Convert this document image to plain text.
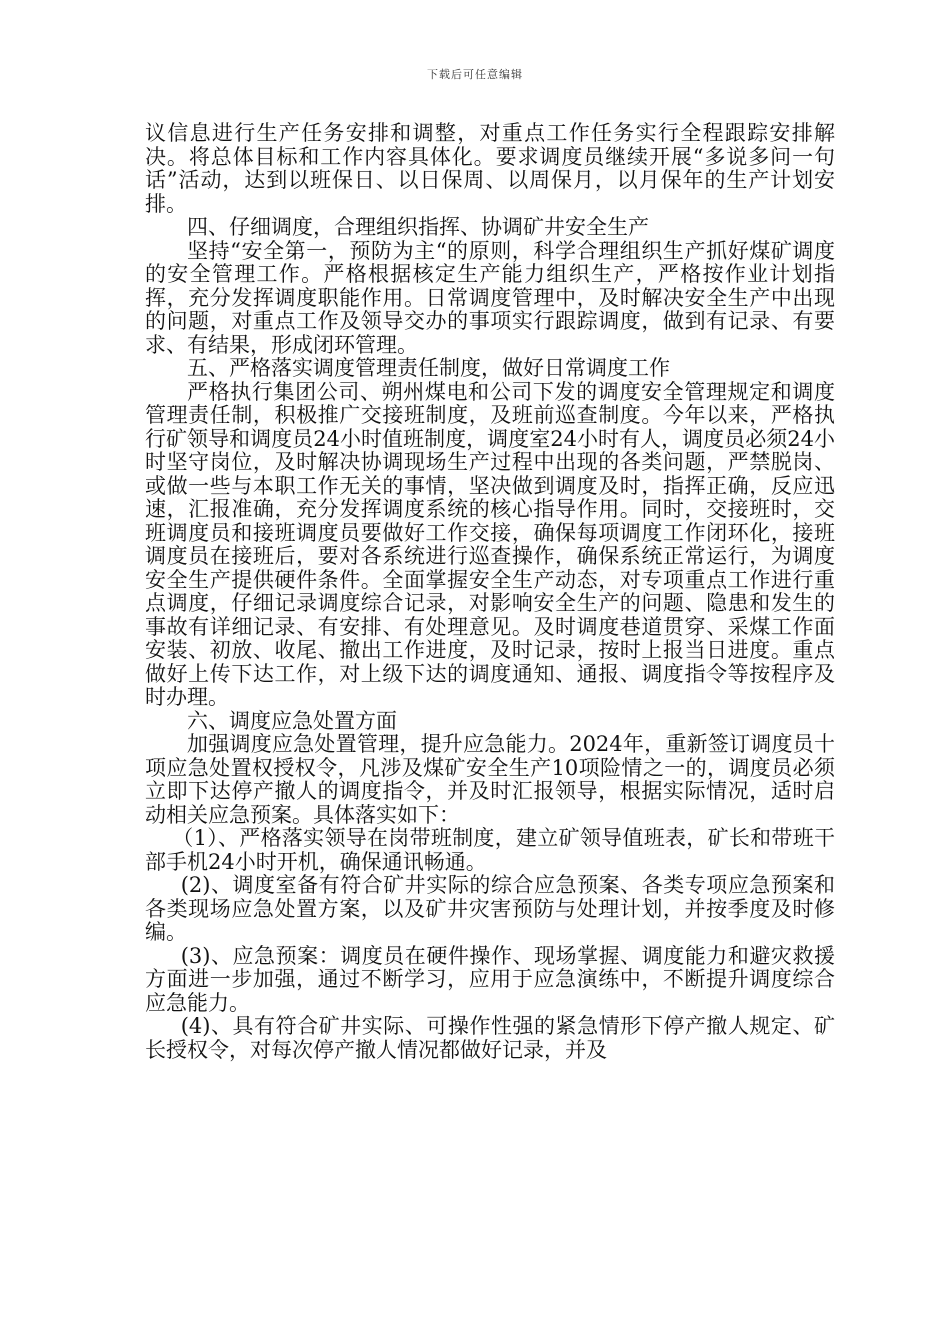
下载后可任意编辑

议信息进行生产任务安排和调整，对重点工作任务实行全程跟踪安排解决。将总体目标和工作内容具体化。要求调度员继续开展“多说多问一句话”活动，达到以班保日、以日保周、以周保月，以月保年的生产计划安排。

四、仔细调度，合理组织指挥、协调矿井安全生产

坚持“安全第一，预防为主“的原则，科学合理组织生产抓好煤矿调度的安全管理工作。严格根据核定生产能力组织生产，严格按作业计划指挥，充分发挥调度职能作用。日常调度管理中，及时解决安全生产中出现的问题，对重点工作及领导交办的事项实行跟踪调度，做到有记录、有要求、有结果，形成闭环管理。

五、严格落实调度管理责任制度，做好日常调度工作

严格执行集团公司、朔州煤电和公司下发的调度安全管理规定和调度管理责任制，积极推广交接班制度，及班前巡查制度。今年以来，严格执行矿领导和调度员24小时值班制度，调度室24小时有人，调度员必须24小时坚守岗位，及时解决协调现场生产过程中出现的各类问题，严禁脱岗、或做一些与本职工作无关的事情，坚决做到调度及时，指挥正确，反应迅速，汇报准确，充分发挥调度系统的核心指导作用。同时，交接班时，交班调度员和接班调度员要做好工作交接，确保每项调度工作闭环化，接班调度员在接班后，要对各系统进行巡查操作，确保系统正常运行，为调度安全生产提供硬件条件。全面掌握安全生产动态，对专项重点工作进行重点调度，仔细记录调度综合记录，对影响安全生产的问题、隐患和发生的事故有详细记录、有安排、有处理意见。及时调度巷道贯穿、采煤工作面安装、初放、收尾、撤出工作进度，及时记录，按时上报当日进度。重点做好上传下达工作，对上级下达的调度通知、通报、调度指令等按程序及时办理。

六、调度应急处置方面

加强调度应急处置管理，提升应急能力。2024年，重新签订调度员十项应急处置权授权令，凡涉及煤矿安全生产10项险情之一的，调度员必须立即下达停产撤人的调度指令，并及时汇报领导，根据实际情况，适时启动相关应急预案。具体落实如下：

（1）、严格落实领导在岗带班制度，建立矿领导值班表，矿长和带班干部手机24小时开机，确保通讯畅通。

(2)、调度室备有符合矿井实际的综合应急预案、各类专项应急预案和各类现场应急处置方案，以及矿井灾害预防与处理计划，并按季度及时修编。

(3)、应急预案：调度员在硬件操作、现场掌握、调度能力和避灾救援方面进一步加强，通过不断学习，应用于应急演练中，不断提升调度综合应急能力。

(4)、具有符合矿井实际、可操作性强的紧急情形下停产撤人规定、矿长授权令，对每次停产撤人情况都做好记录，并及
